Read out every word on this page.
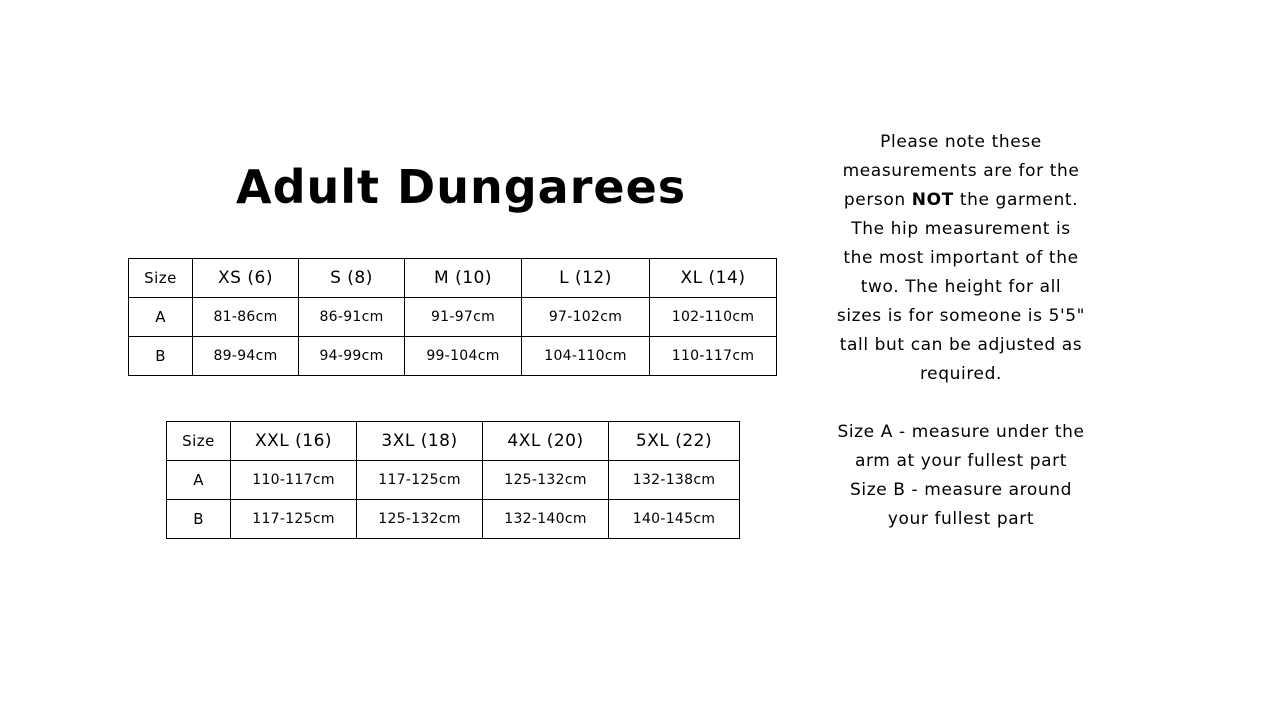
Adult Dungarees
Size	XS (6)	S (8)	M (10)	L (12)	XL (14)
A	81-86cm	86-91cm	91-97cm	97-102cm	102-110cm
B	89-94cm	94-99cm	99-104cm	104-110cm	110-117cm
Size	XXL (16)	3XL (18)	4XL (20)	5XL (22)
A	110-117cm	117-125cm	125-132cm	132-138cm
B	117-125cm	125-132cm	132-140cm	140-145cm

Please note these measurements are for the person NOT the garment. The hip measurement is the most important of the two. The height for all sizes is for someone is 5'5" tall but can be adjusted as required.

Size A - measure under the arm at your fullest part

Size B - measure around your fullest part
